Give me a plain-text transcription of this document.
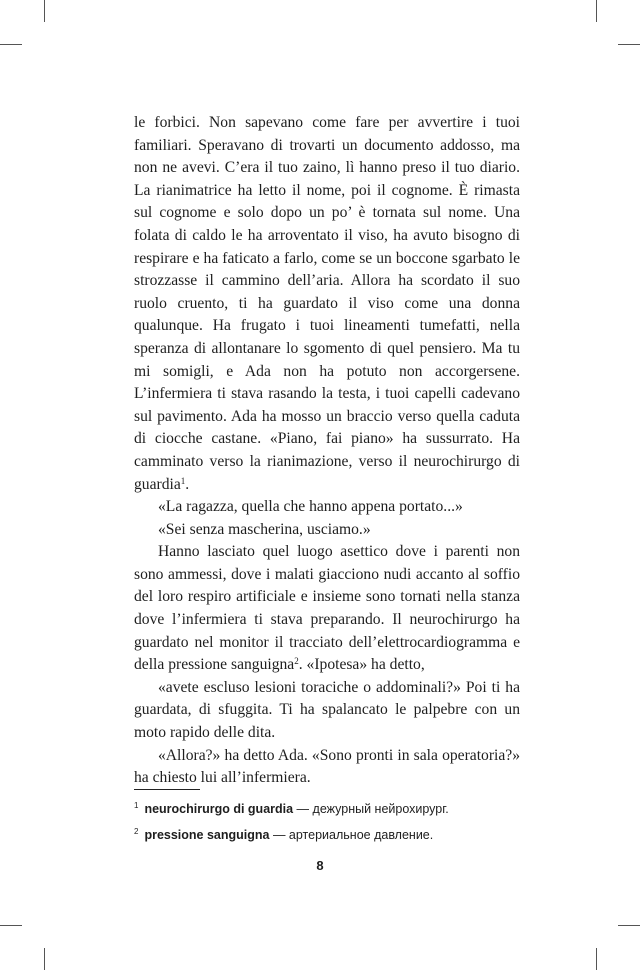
le forbici. Non sapevano come fare per avvertire i tuoi familiari. Speravano di trovarti un documento addosso, ma non ne avevi. C’era il tuo zaino, lì hanno preso il tuo diario. La rianimatrice ha letto il nome, poi il cognome. È rimasta sul cognome e solo dopo un po’ è tornata sul nome. Una folata di caldo le ha arroventato il viso, ha avuto bisogno di respirare e ha faticato a farlo, come se un boccone sgarbato le strozzasse il cammino dell’aria. Allora ha scordato il suo ruolo cruento, ti ha guardato il viso come una donna qualunque. Ha frugato i tuoi lineamenti tumefatti, nella speranza di allontanare lo sgomento di quel pensiero. Ma tu mi somigli, e Ada non ha potuto non accorgersene. L’infermiera ti stava rasando la testa, i tuoi capelli cadevano sul pavimento. Ada ha mosso un braccio verso quella caduta di ciocche castane. «Piano, fai piano» ha sussurrato. Ha camminato verso la rianimazione, verso il neurochirurgo di guardia$^1$.

«La ragazza, quella che hanno appena portato...»

«Sei senza mascherina, usciamo.»

Hanno lasciato quel luogo asettico dove i parenti non sono ammessi, dove i malati giacciono nudi accanto al soffio del loro respiro artificiale e insieme sono tornati nella stanza dove l’infermiera ti stava preparando. Il neurochirurgo ha guardato nel monitor il tracciato dell’elettrocardiogramma e della pressione sanguigna$^2$. «Ipotesa» ha detto,

«avete escluso lesioni toraciche o addominali?» Poi ti ha guardata, di sfuggita. Ti ha spalancato le palpebre con un moto rapido delle dita.

«Allora?» ha detto Ada. «Sono pronti in sala operatoria?» ha chiesto lui all’infermiera.

$^1$ neurochirurgo di guardia — дежурный нейрохирург.
$^2$ pressione sanguigna — артериальное давление.
8
